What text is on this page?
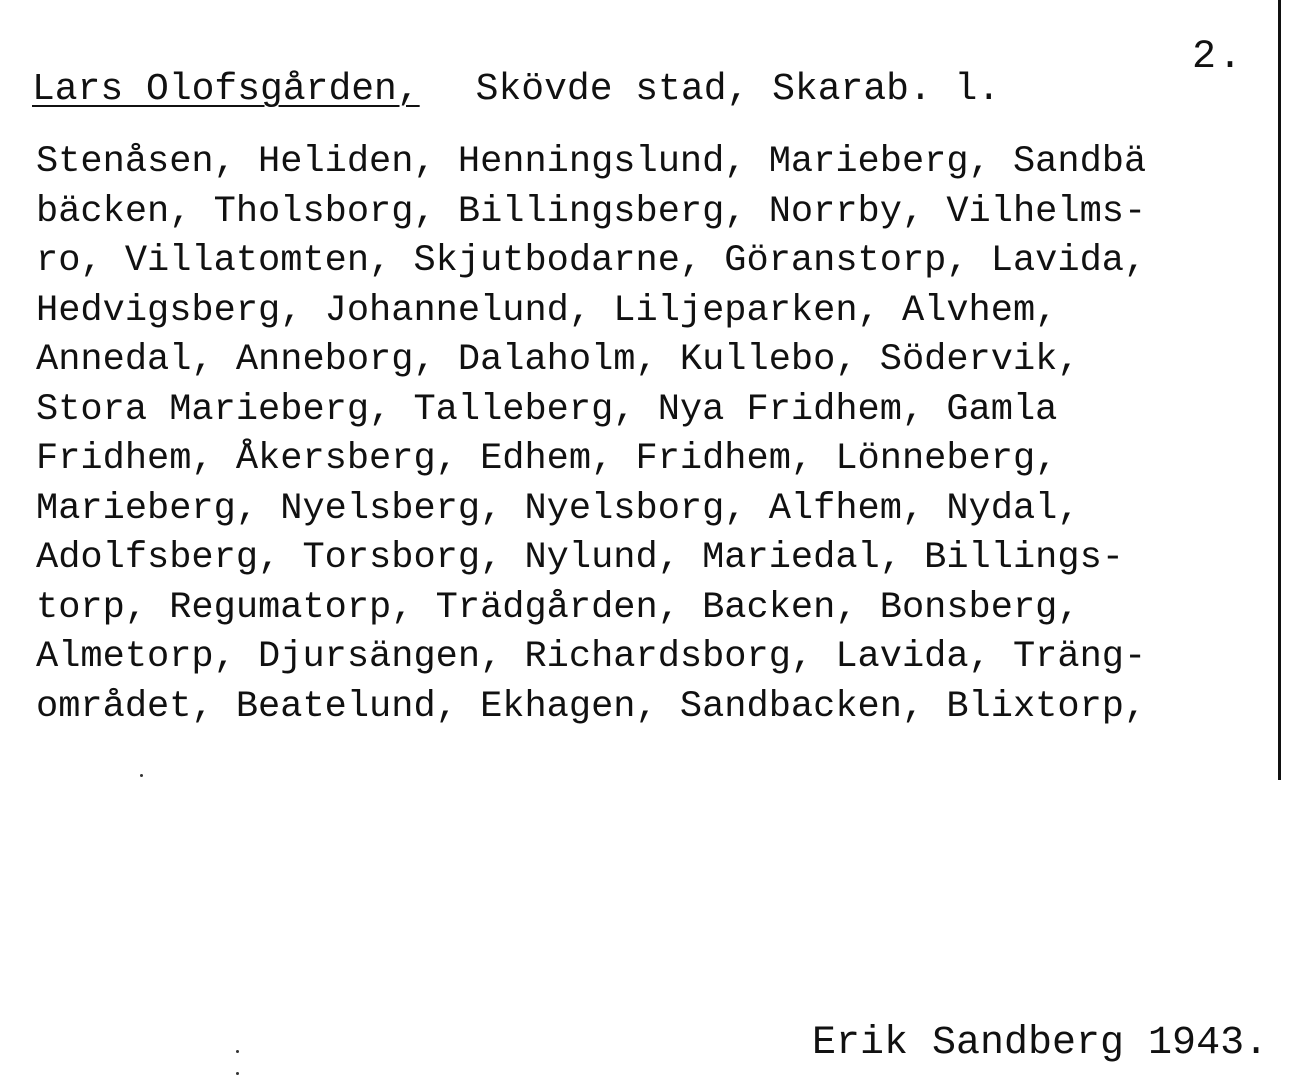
2.
Lars Olofsgården, Skövde stad, Skarab. l.
Stenåsen, Heliden, Henningslund, Marieberg, Sandbä
bäcken, Tholsborg, Billingsberg, Norrby, Vilhelms-
ro, Villatomten, Skjutbodarne, Göranstorp, Lavida,
Hedvigsberg, Johannelund, Liljeparken, Alvhem,
Annedal, Anneborg, Dalaholm, Kullebo, Södervik,
Stora Marieberg, Talleberg, Nya Fridhem, Gamla
Fridhem, Åkersberg, Edhem, Fridhem, Lönneberg,
Marieberg, Nyelsberg, Nyelsborg, Alfhem, Nydal,
Adolfsberg, Torsborg, Nylund, Mariedal, Billings-
torp, Regumatorp, Trädgården, Backen, Bonsberg,
Almetorp, Djursängen, Richardsborg, Lavida, Träng-
området, Beatelund, Ekhagen, Sandbacken, Blixtorp,
Erik Sandberg 1943.
